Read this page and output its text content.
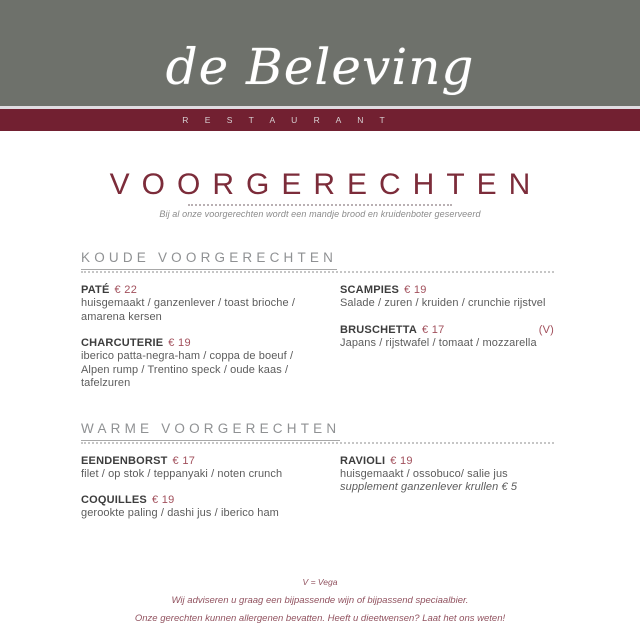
R E S T A U R A N T
de Beleving
VOORGERECHTEN
Bij al onze voorgerechten wordt een mandje brood en kruidenboter geserveerd
KOUDE VOORGERECHTEN
PATÉ € 22
huisgemaakt / ganzenlever / toast brioche /
amarena kersen
CHARCUTERIE € 19
iberico patta-negra-ham / coppa de boeuf /
Alpen rump / Trentino speck / oude kaas /
tafelzuren
SCAMPIES € 19
Salade / zuren / kruiden / crunchie rijstvel
(V)
BRUSCHETTA € 17
Japans / rijstwafel / tomaat / mozzarella
WARME VOORGERECHTEN
EENDENBORST € 17
filet / op stok / teppanyaki / noten crunch
COQUILLES € 19
gerookte paling / dashi jus / iberico ham
RAVIOLI € 19
huisgemaakt / ossobuco/ salie jus
supplement ganzenlever krullen € 5
V = Vega
Wij adviseren u graag een bijpassende wijn of bijpassend speciaalbier.
Onze gerechten kunnen allergenen bevatten. Heeft u dieetwensen? Laat het ons weten!
